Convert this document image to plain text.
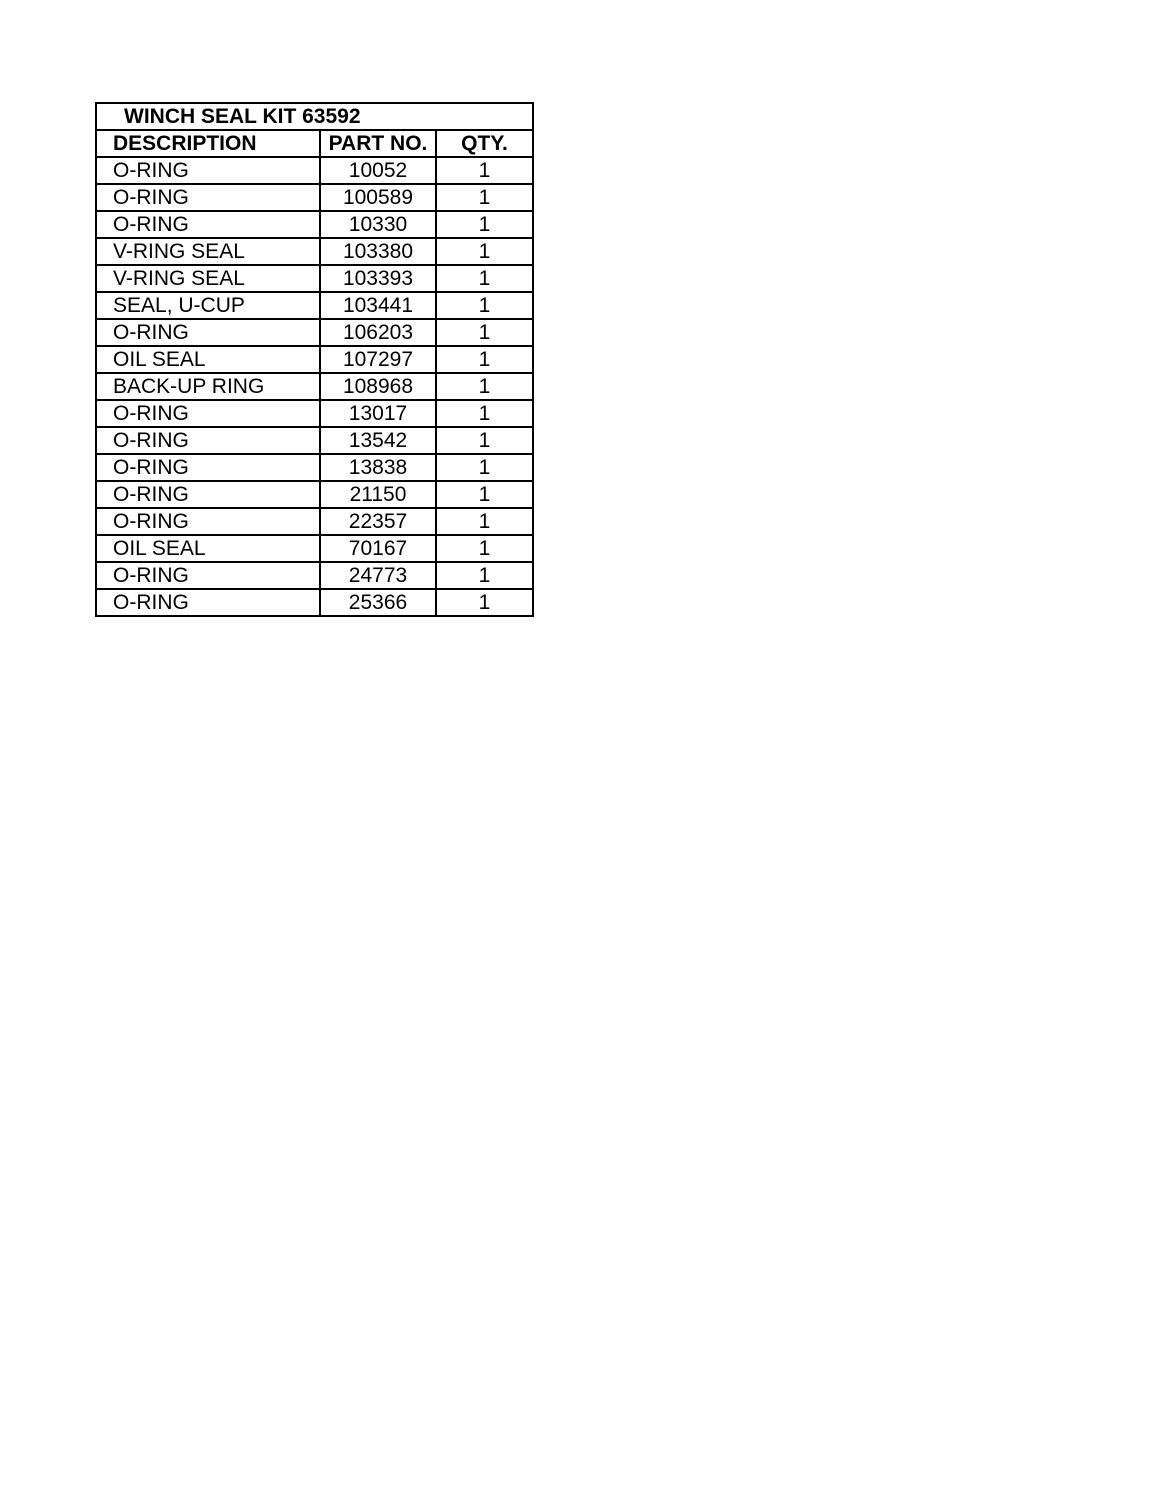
WINCH SEAL KIT 63592		
DESCRIPTION	PART NO.	QTY.
O-RING	10052	1
O-RING	100589	1
O-RING	10330	1
V-RING SEAL	103380	1
V-RING SEAL	103393	1
SEAL, U-CUP	103441	1
O-RING	106203	1
OIL SEAL	107297	1
BACK-UP RING	108968	1
O-RING	13017	1
O-RING	13542	1
O-RING	13838	1
O-RING	21150	1
O-RING	22357	1
OIL SEAL	70167	1
O-RING	24773	1
O-RING	25366	1
